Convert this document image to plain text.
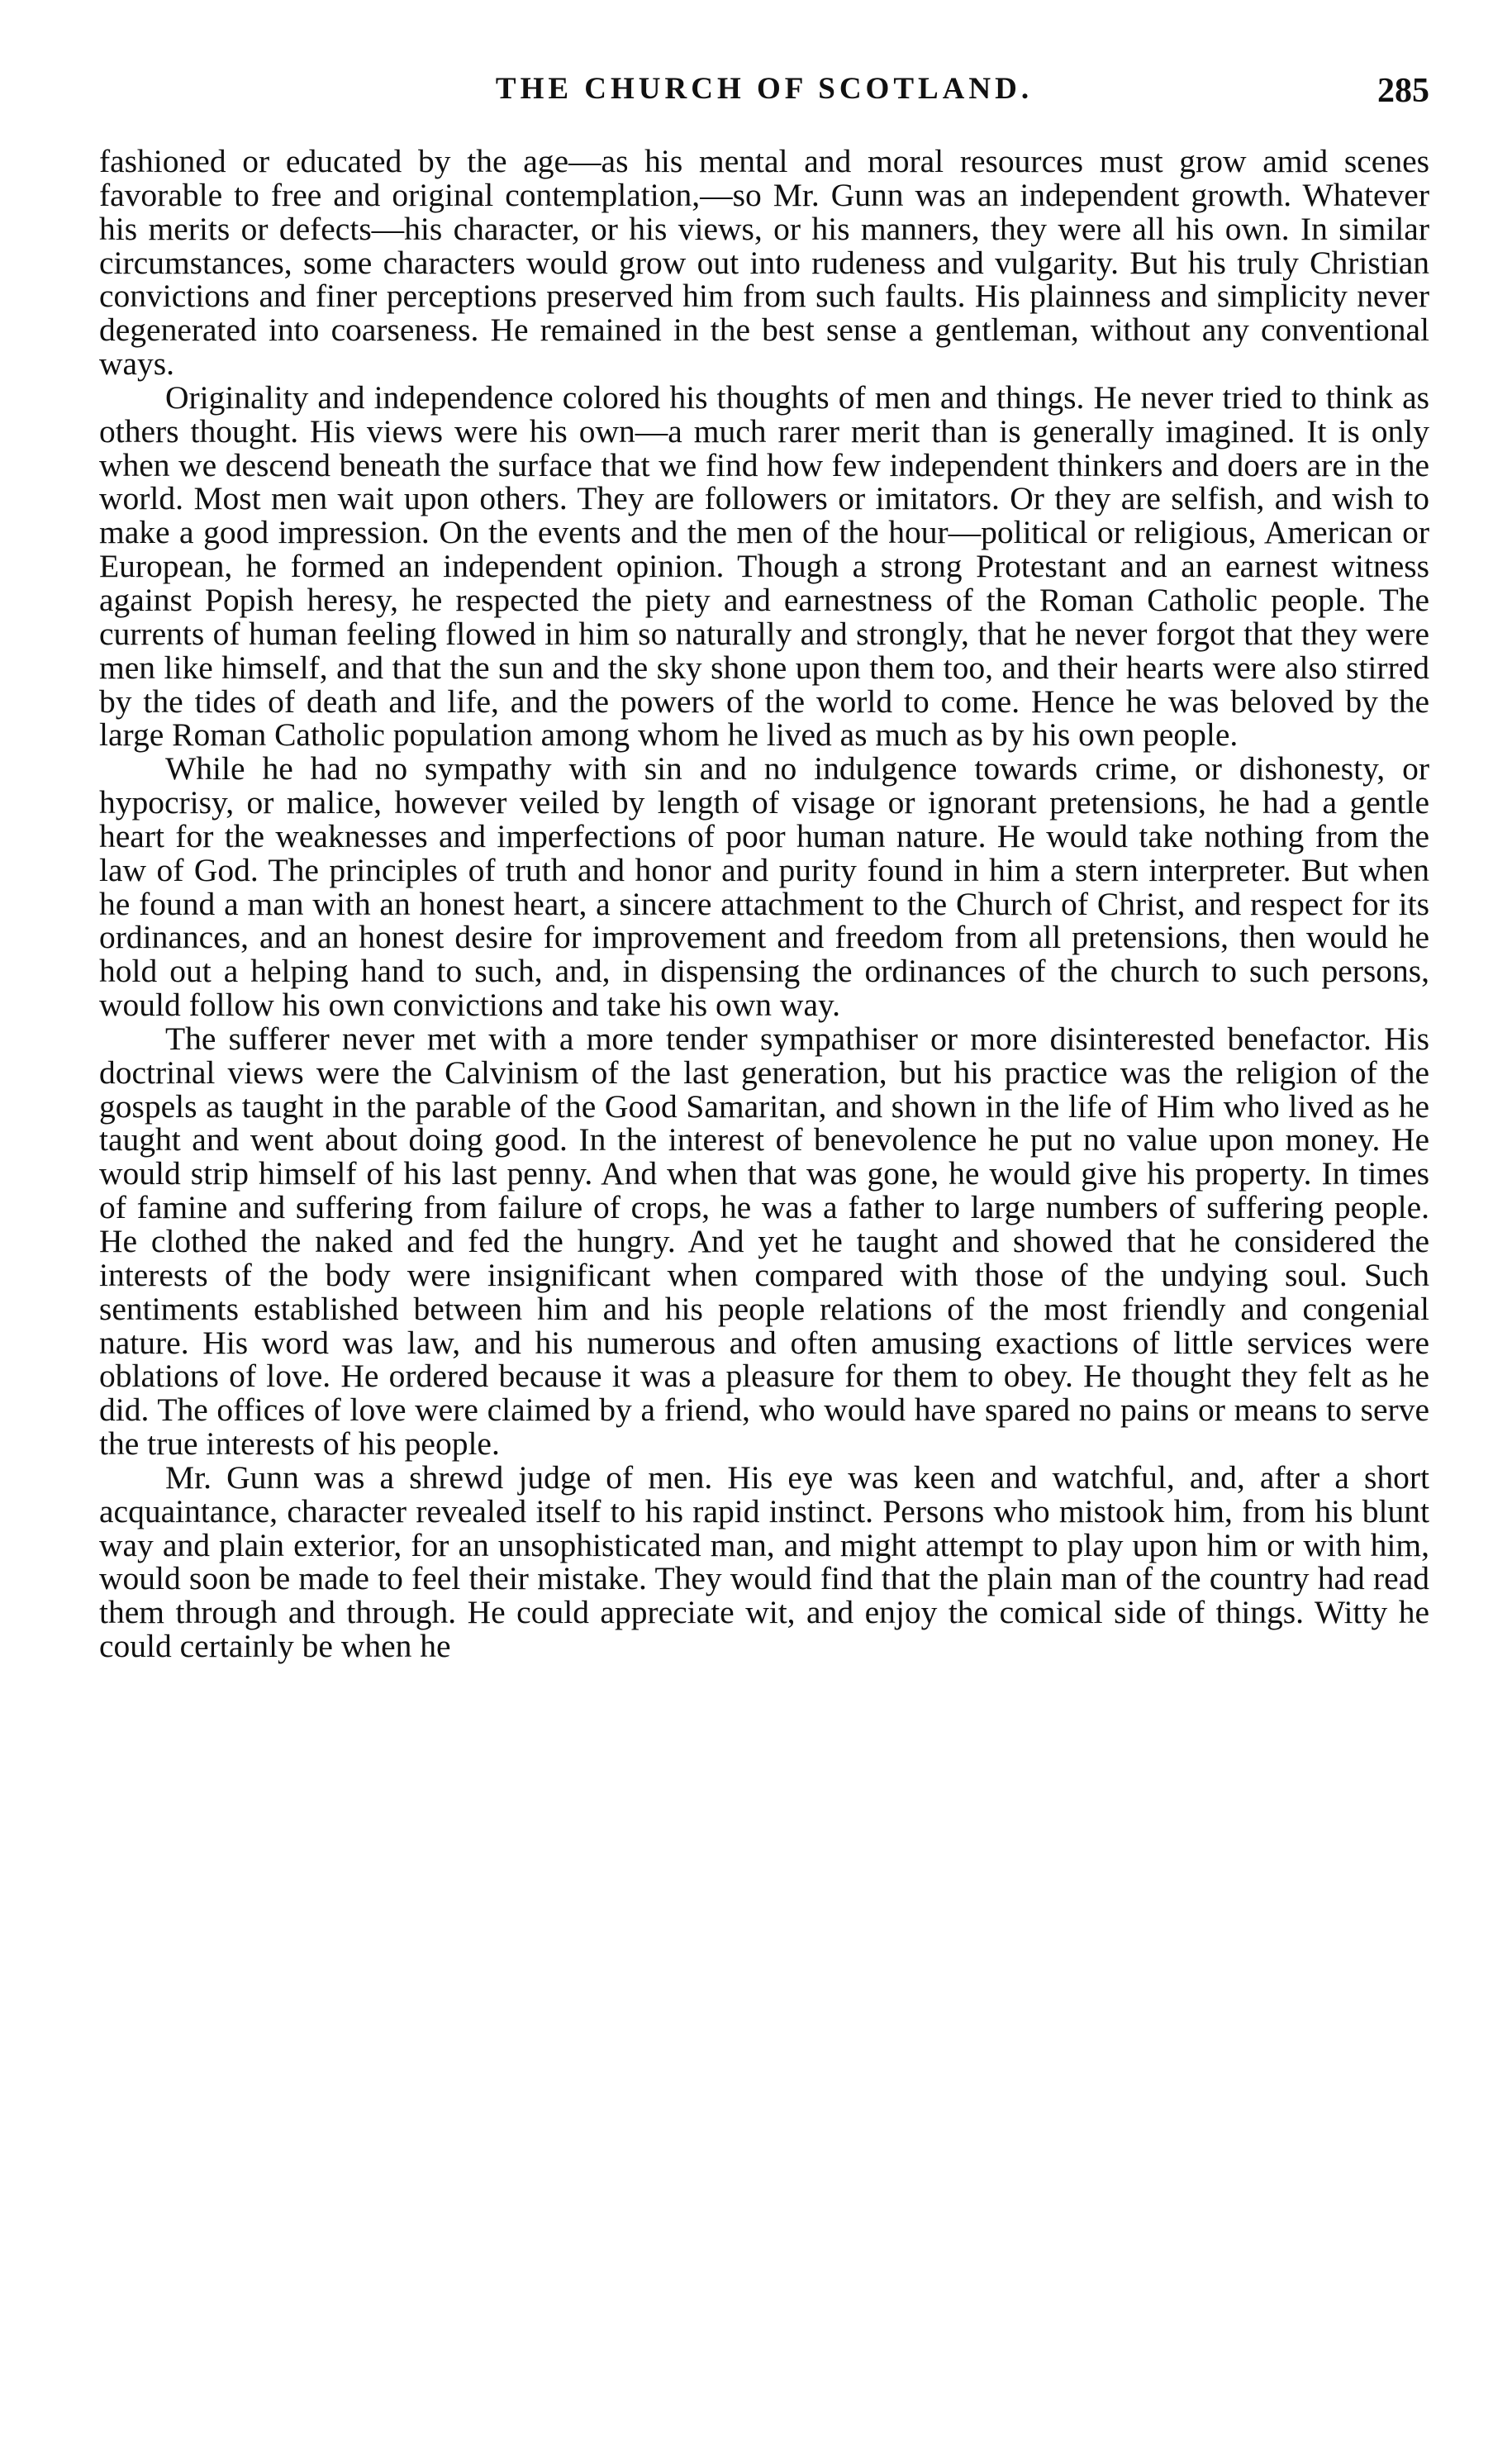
THE CHURCH OF SCOTLAND.	285

fashioned or educated by the age—as his mental and moral resources must grow amid scenes favorable to free and original contemplation,—so Mr. Gunn was an independent growth. Whatever his merits or defects—his character, or his views, or his manners, they were all his own. In similar circumstances, some characters would grow out into rudeness and vulgarity. But his truly Christian convictions and finer perceptions preserved him from such faults. His plainness and simplicity never degenerated into coarseness. He remained in the best sense a gentleman, without any conventional ways.

Originality and independence colored his thoughts of men and things. He never tried to think as others thought. His views were his own—a much rarer merit than is generally imagined. It is only when we descend beneath the surface that we find how few independent thinkers and doers are in the world. Most men wait upon others. They are followers or imitators. Or they are selfish, and wish to make a good impression. On the events and the men of the hour—political or religious, American or European, he formed an independent opinion. Though a strong Protestant and an earnest witness against Popish heresy, he respected the piety and earnestness of the Roman Catholic people. The currents of human feeling flowed in him so naturally and strongly, that he never forgot that they were men like himself, and that the sun and the sky shone upon them too, and their hearts were also stirred by the tides of death and life, and the powers of the world to come. Hence he was beloved by the large Roman Catholic population among whom he lived as much as by his own people.

While he had no sympathy with sin and no indulgence towards crime, or dishonesty, or hypocrisy, or malice, however veiled by length of visage or ignorant pretensions, he had a gentle heart for the weaknesses and imperfections of poor human nature. He would take nothing from the law of God. The principles of truth and honor and purity found in him a stern interpreter. But when he found a man with an honest heart, a sincere attachment to the Church of Christ, and respect for its ordinances, and an honest desire for improvement and freedom from all pretensions, then would he hold out a helping hand to such, and, in dispensing the ordinances of the church to such persons, would follow his own convictions and take his own way.

The sufferer never met with a more tender sympathiser or more disinterested benefactor. His doctrinal views were the Calvinism of the last generation, but his practice was the religion of the gospels as taught in the parable of the Good Samaritan, and shown in the life of Him who lived as he taught and went about doing good. In the interest of benevolence he put no value upon money. He would strip himself of his last penny. And when that was gone, he would give his property. In times of famine and suffering from failure of crops, he was a father to large numbers of suffering people. He clothed the naked and fed the hungry. And yet he taught and showed that he considered the interests of the body were insignificant when compared with those of the undying soul. Such sentiments established between him and his people relations of the most friendly and congenial nature. His word was law, and his numerous and often amusing exactions of little services were oblations of love. He ordered because it was a pleasure for them to obey. He thought they felt as he did. The offices of love were claimed by a friend, who would have spared no pains or means to serve the true interests of his people.

Mr. Gunn was a shrewd judge of men. His eye was keen and watchful, and, after a short acquaintance, character revealed itself to his rapid instinct. Persons who mistook him, from his blunt way and plain exterior, for an unsophisticated man, and might attempt to play upon him or with him, would soon be made to feel their mistake. They would find that the plain man of the country had read them through and through. He could appreciate wit, and enjoy the comical side of things. Witty he could certainly be when he
